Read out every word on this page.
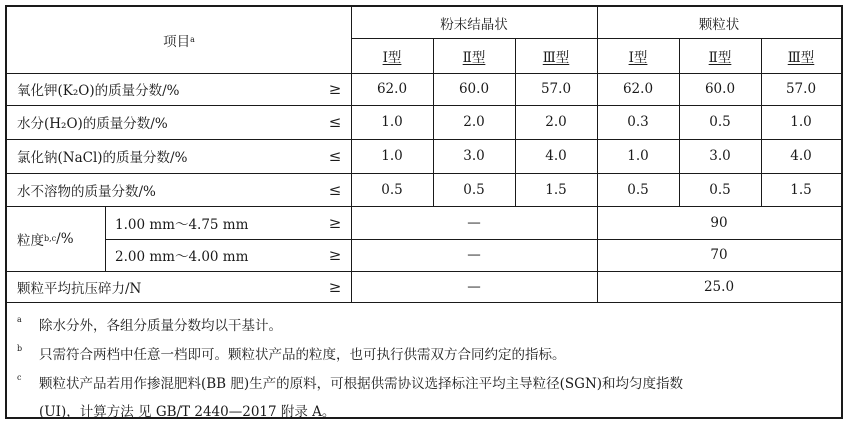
项目 a
粉末结晶状	颗粒状
Ⅰ型	Ⅱ型	Ⅲ型	Ⅰ型	Ⅱ型	Ⅲ型
氧化钾(K₂O)的质量分数/%	≥	62.0	60.0	57.0	62.0	60.0	57.0
水分(H₂O)的质量分数/%	≤	1.0	2.0	2.0	0.3	0.5	1.0
氯化钠(NaCl)的质量分数/%	≤	1.0	3.0	4.0	1.0	3.0	4.0
水不溶物的质量分数/%	≤	0.5	0.5	1.5	0.5	0.5	1.5
粒度 b,c /%
1.00 mm～4.75 mm	≥	—	90
2.00 mm～4.00 mm	≥	—	70
颗粒平均抗压碎力/N	≥	—	25.0
a	除水分外，各组分质量分数均以干基计。
b	只需符合两档中任意一档即可。颗粒状产品的粒度，也可执行供需双方合同约定的指标。
c	颗粒状产品若用作掺混肥料(BB 肥)生产的原料，可根据供需协议选择标注平均主导粒径(SGN)和均匀度指数
(UI)，计算方法 见 GB/T 2440—2017 附录 A。
